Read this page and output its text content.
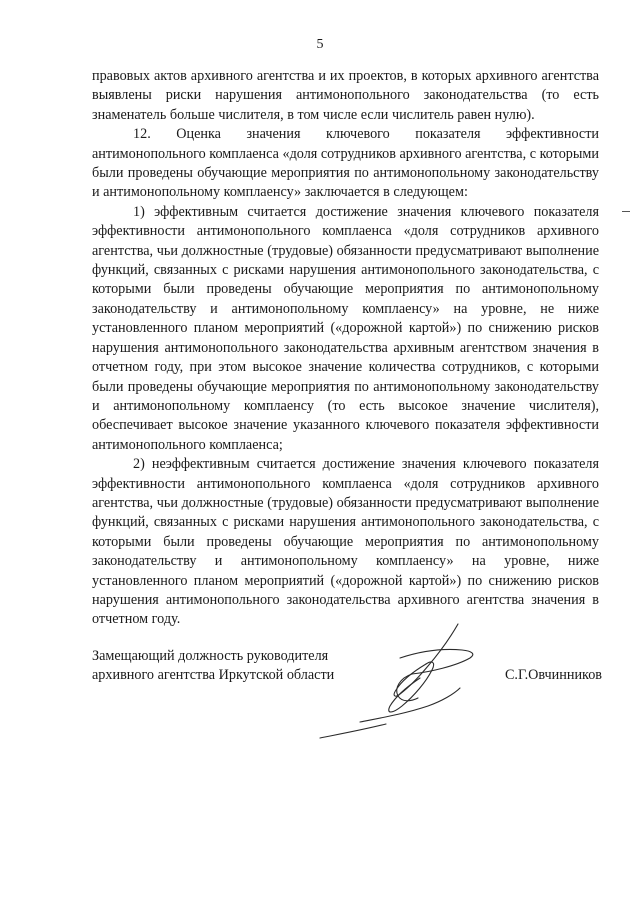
5

правовых актов архивного агентства и их проектов, в которых архивного агентства выявлены риски нарушения антимонопольного законодательства (то есть знаменатель больше числителя, в том числе если числитель равен нулю).

12. Оценка значения ключевого показателя эффективности антимонопольного комплаенса «доля сотрудников архивного агентства, с которыми были проведены обучающие мероприятия по антимонопольному законодательству и антимонопольному комплаенсу» заключается в следующем:

1) эффективным считается достижение значения ключевого показателя эффективности антимонопольного комплаенса «доля сотрудников архивного агентства, чьи должностные (трудовые) обязанности предусматривают выполнение функций, связанных с рисками нарушения антимонопольного законодательства, с которыми были проведены обучающие мероприятия по антимонопольному законодательству и антимонопольному комплаенсу» на уровне, не ниже установленного планом мероприятий («дорожной картой») по снижению рисков нарушения антимонопольного законодательства архивным агентством значения в отчетном году, при этом высокое значение количества сотрудников, с которыми были проведены обучающие мероприятия по антимонопольному законодательству и антимонопольному комплаенсу (то есть высокое значение числителя), обеспечивает высокое значение указанного ключевого показателя эффективности антимонопольного комплаенса;

2) неэффективным считается достижение значения ключевого показателя эффективности антимонопольного комплаенса «доля сотрудников архивного агентства, чьи должностные (трудовые) обязанности предусматривают выполнение функций, связанных с рисками нарушения антимонопольного законодательства, с которыми были проведены обучающие мероприятия по антимонопольному законодательству и антимонопольному комплаенсу» на уровне, ниже установленного планом мероприятий («дорожной картой») по снижению рисков нарушения антимонопольного законодательства архивного агентства значения в отчетном году.

Замещающий должность руководителя
архивного агентства Иркутской области	С.Г.Овчинников
